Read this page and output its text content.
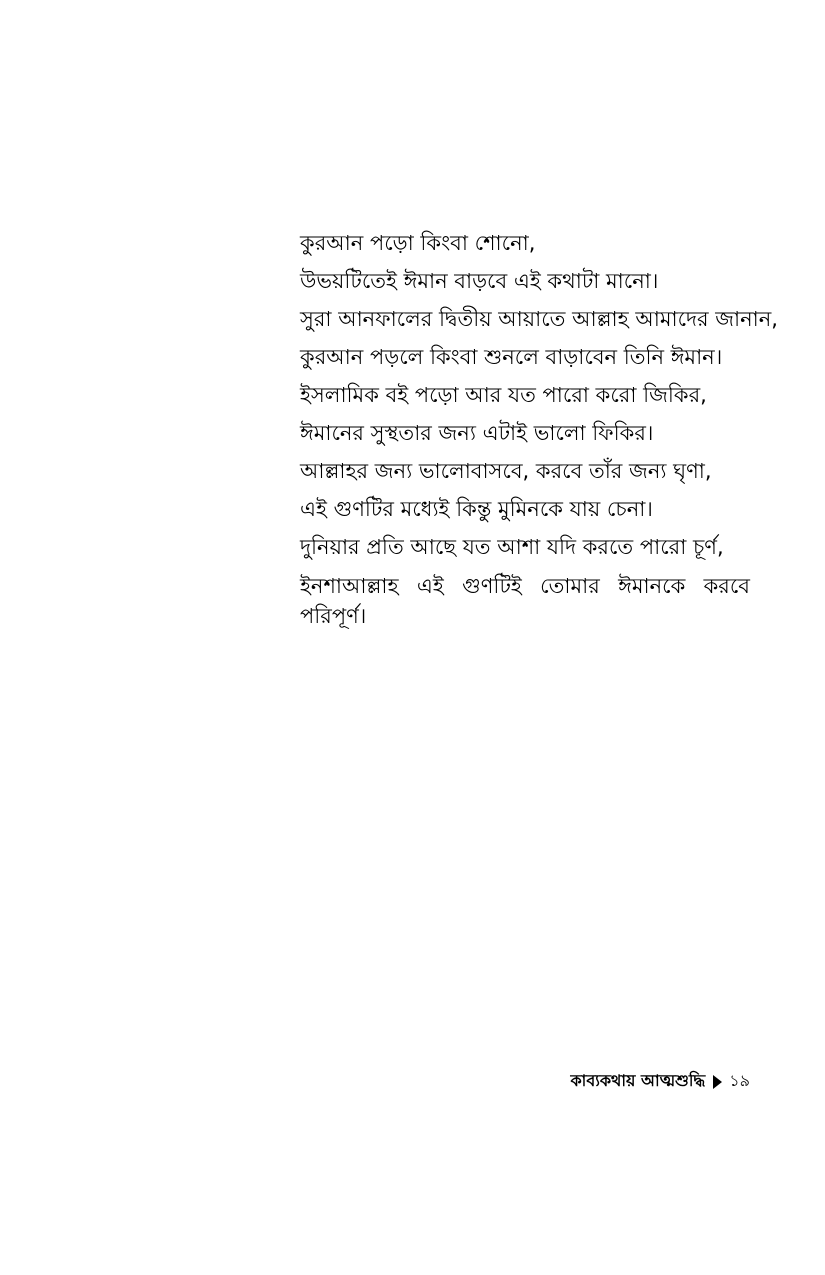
কুরআন পড়ো কিংবা শোনো,
উভয়টিতেই ঈমান বাড়বে এই কথাটা মানো।
সুরা আনফালের দ্বিতীয় আয়াতে আল্লাহ আমাদের জানান,
কুরআন পড়লে কিংবা শুনলে বাড়াবেন তিনি ঈমান।
ইসলামিক বই পড়ো আর যত পারো করো জিকির,
ঈমানের সুস্থতার জন্য এটাই ভালো ফিকির।
আল্লাহর জন্য ভালোবাসবে, করবে তাঁর জন্য ঘৃণা,
এই গুণটির মধ্যেই কিন্তু মুমিনকে যায় চেনা।
দুনিয়ার প্রতি আছে যত আশা যদি করতে পারো চূর্ণ,
ইনশাআল্লাহ এই গুণটিই তোমার ঈমানকে করবে পরিপূর্ণ।
কাব্যকথায় আত্মশুদ্ধি ১৯
